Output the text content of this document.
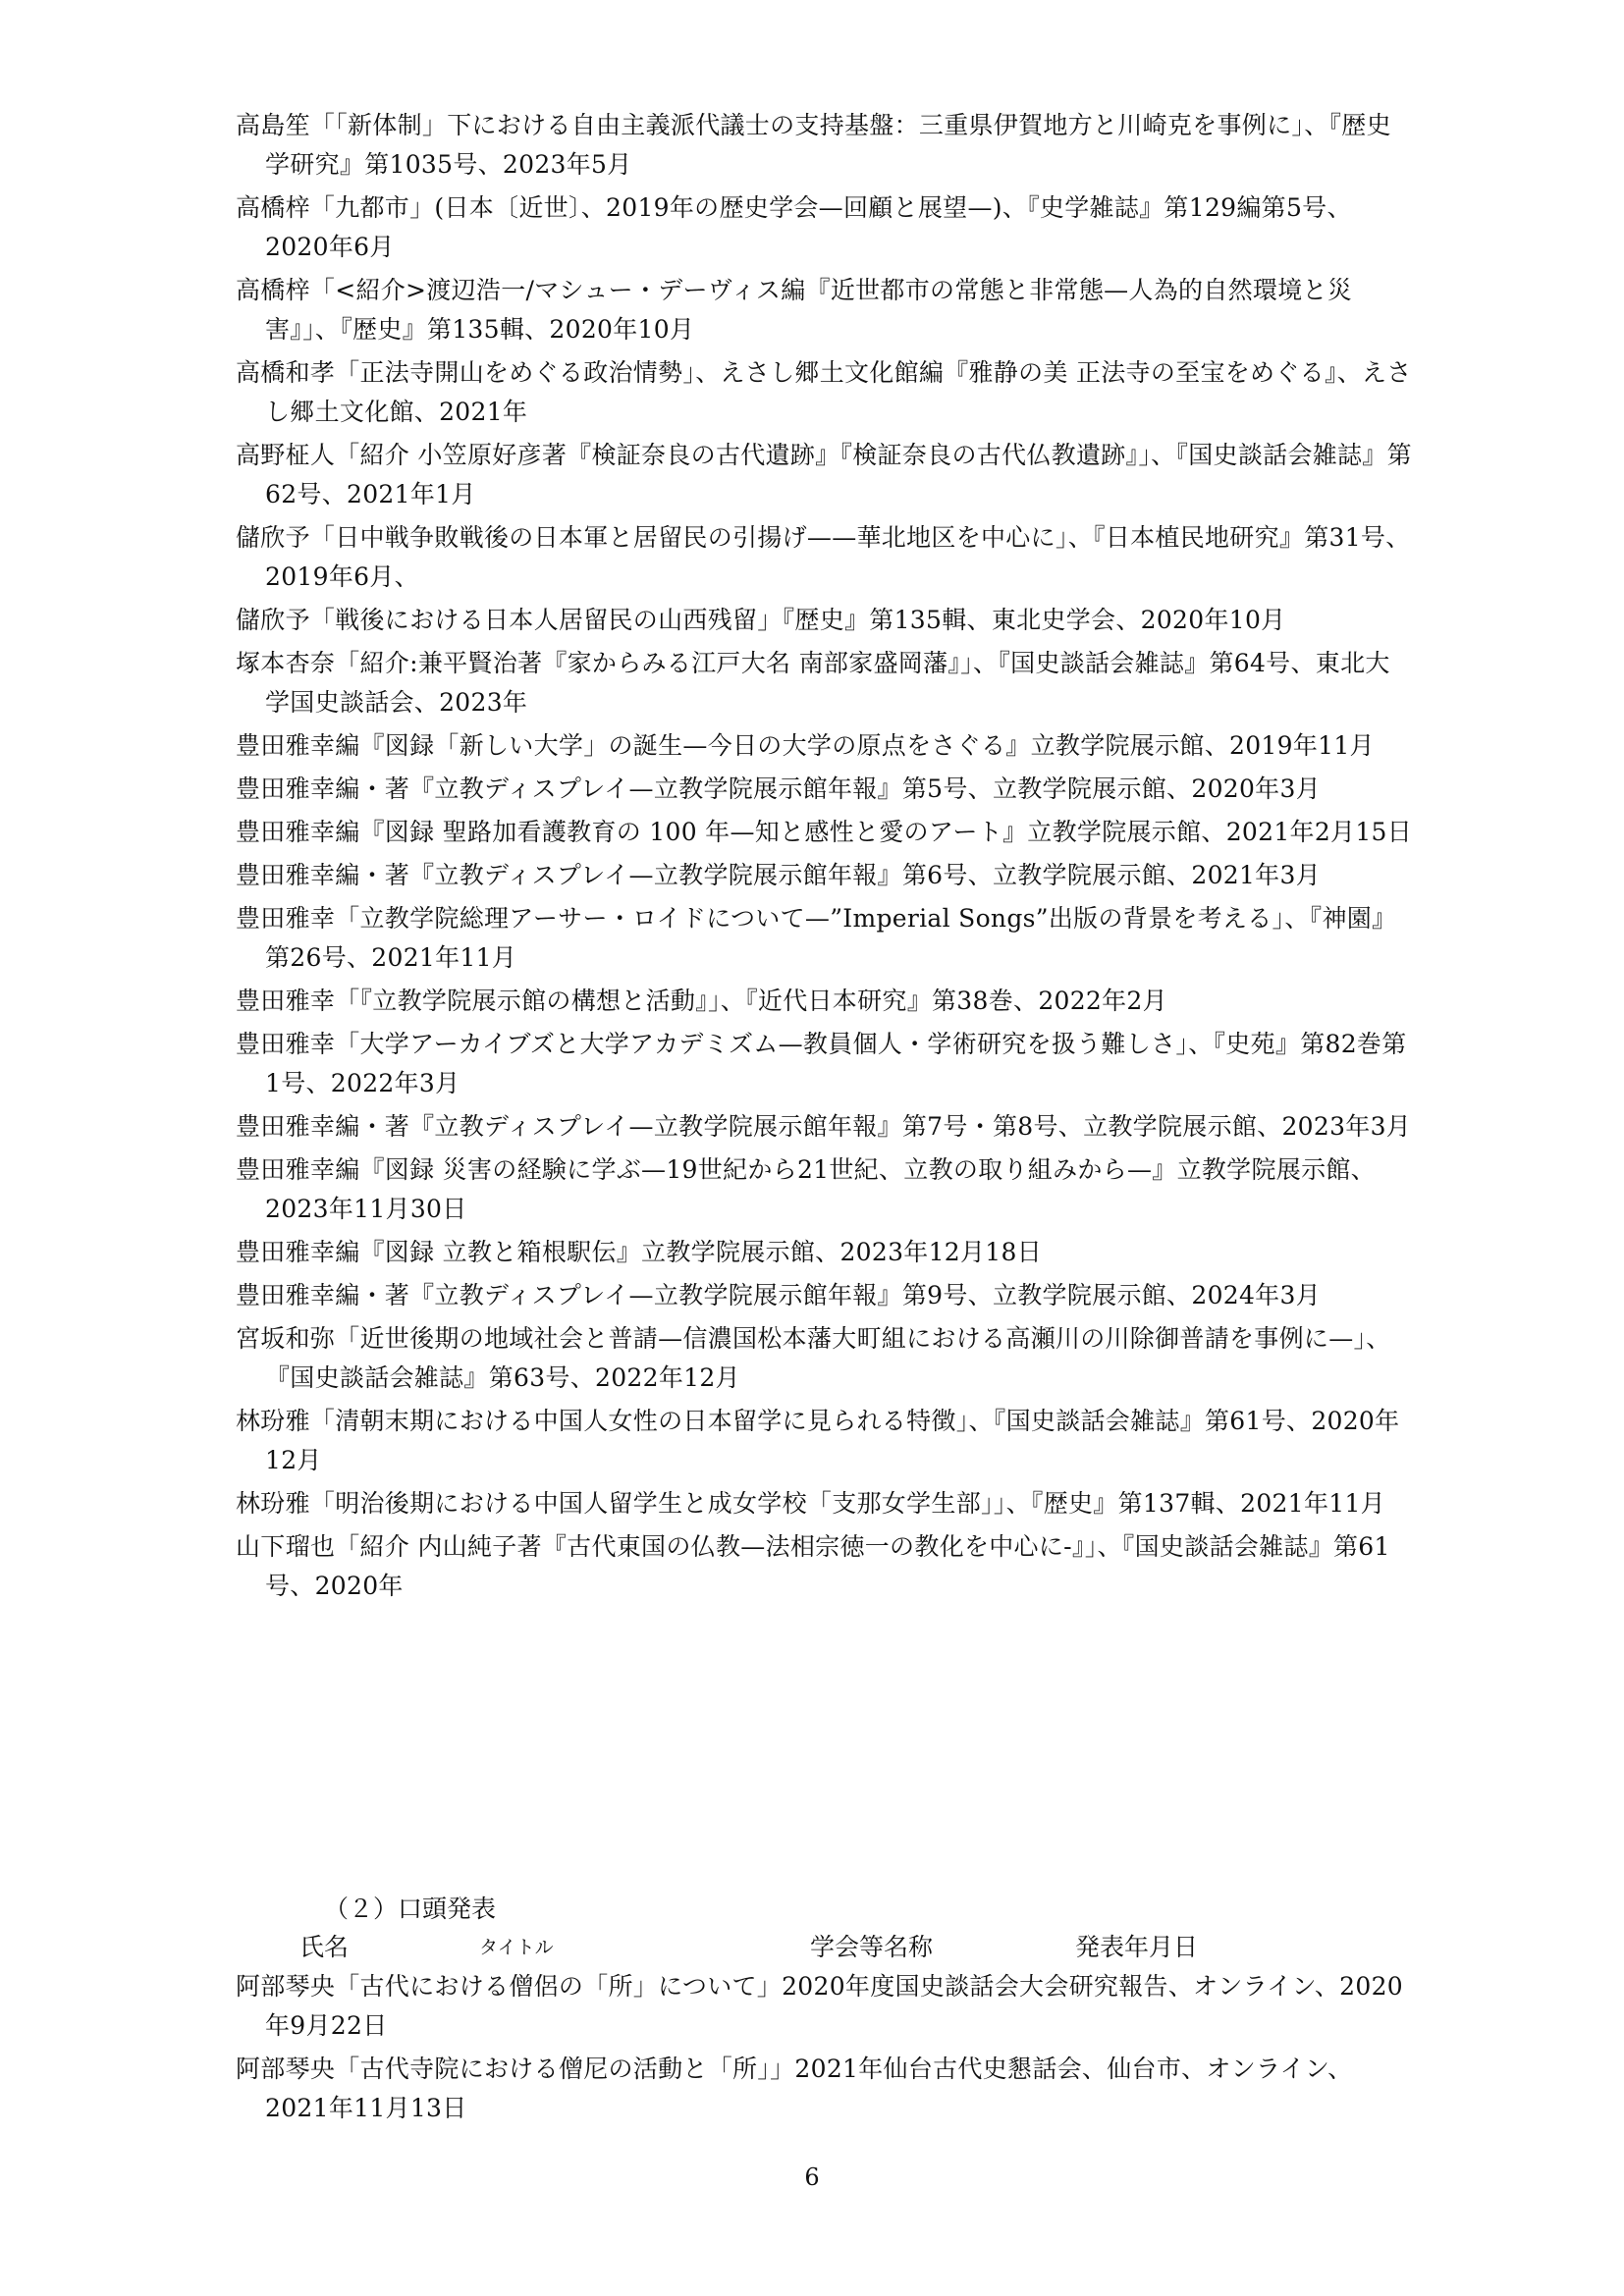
高島笙「「新体制」下における自由主義派代議士の支持基盤：三重県伊賀地方と川崎克を事例に」、『歴史学研究』第1035号、2023年5月
高橋梓「九都市」(日本〔近世〕、2019年の歴史学会—回顧と展望—)、『史学雑誌』第129編第5号、2020年6月
高橋梓「<紹介>渡辺浩一/マシュー・デーヴィス編『近世都市の常態と非常態—人為的自然環境と災害』」、『歴史』第135輯、2020年10月
高橋和孝「正法寺開山をめぐる政治情勢」、えさし郷土文化館編『雅静の美 正法寺の至宝をめぐる』、えさし郷土文化館、2021年
高野柾人「紹介 小笠原好彦著『検証奈良の古代遺跡』『検証奈良の古代仏教遺跡』」、『国史談話会雑誌』第62号、2021年1月
儲欣予「日中戦争敗戦後の日本軍と居留民の引揚げ——華北地区を中心に」、『日本植民地研究』第31号、2019年6月、
儲欣予「戦後における日本人居留民の山西残留」『歴史』第135輯、東北史学会、2020年10月
塚本杏奈「紹介:兼平賢治著『家からみる江戸大名 南部家盛岡藩』」、『国史談話会雑誌』第64号、東北大学国史談話会、2023年
豊田雅幸編『図録「新しい大学」の誕生—今日の大学の原点をさぐる』立教学院展示館、2019年11月
豊田雅幸編・著『立教ディスプレイ—立教学院展示館年報』第5号、立教学院展示館、2020年3月
豊田雅幸編『図録 聖路加看護教育の 100 年—知と感性と愛のアート』立教学院展示館、2021年2月15日
豊田雅幸編・著『立教ディスプレイ—立教学院展示館年報』第6号、立教学院展示館、2021年3月
豊田雅幸「立教学院総理アーサー・ロイドについて—”Imperial Songs”出版の背景を考える」、『神園』第26号、2021年11月
豊田雅幸「『立教学院展示館の構想と活動』」、『近代日本研究』第38巻、2022年2月
豊田雅幸「大学アーカイブズと大学アカデミズム—教員個人・学術研究を扱う難しさ」、『史苑』第82巻第1号、2022年3月
豊田雅幸編・著『立教ディスプレイ—立教学院展示館年報』第7号・第8号、立教学院展示館、2023年3月
豊田雅幸編『図録 災害の経験に学ぶ—19世紀から21世紀、立教の取り組みから—』立教学院展示館、2023年11月30日
豊田雅幸編『図録 立教と箱根駅伝』立教学院展示館、2023年12月18日
豊田雅幸編・著『立教ディスプレイ—立教学院展示館年報』第9号、立教学院展示館、2024年3月
宮坂和弥「近世後期の地域社会と普請—信濃国松本藩大町組における高瀬川の川除御普請を事例に—」、『国史談話会雑誌』第63号、2022年12月
林玢雅「清朝末期における中国人女性の日本留学に見られる特徴」、『国史談話会雑誌』第61号、2020年12月
林玢雅「明治後期における中国人留学生と成女学校「支那女学生部」」、『歴史』第137輯、2021年11月
山下瑠也「紹介 内山純子著『古代東国の仏教—法相宗徳一の教化を中心に-』」、『国史談話会雑誌』第61号、2020年
（２）口頭発表
氏名	タイトル	学会等名称	発表年月日
阿部琴央「古代における僧侶の「所」について」2020年度国史談話会大会研究報告、オンライン、2020年9月22日
阿部琴央「古代寺院における僧尼の活動と「所」」2021年仙台古代史懇話会、仙台市、オンライン、2021年11月13日
6
